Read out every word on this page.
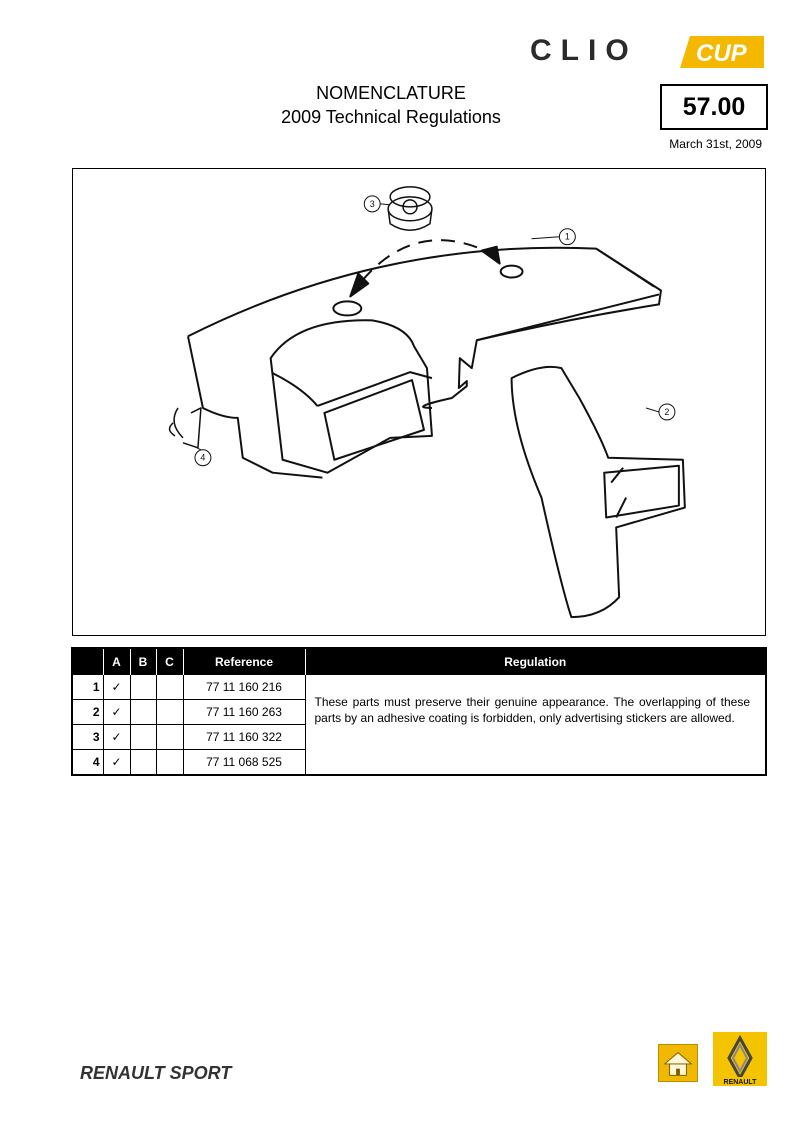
CLIO CUP
NOMENCLATURE
2009 Technical Regulations	57.00
March 31st, 2009
3
1
2
4
	A	B	C	Reference	Regulation
1	✓			77 11 160 216	These parts must preserve their genuine appearance. The overlapping of these parts by an adhesive coating is forbidden, only advertising stickers are allowed.
2	✓			77 11 160 263	
3	✓			77 11 160 322	
4	✓			77 11 068 525	
RENAULT SPORT	RENAULT
